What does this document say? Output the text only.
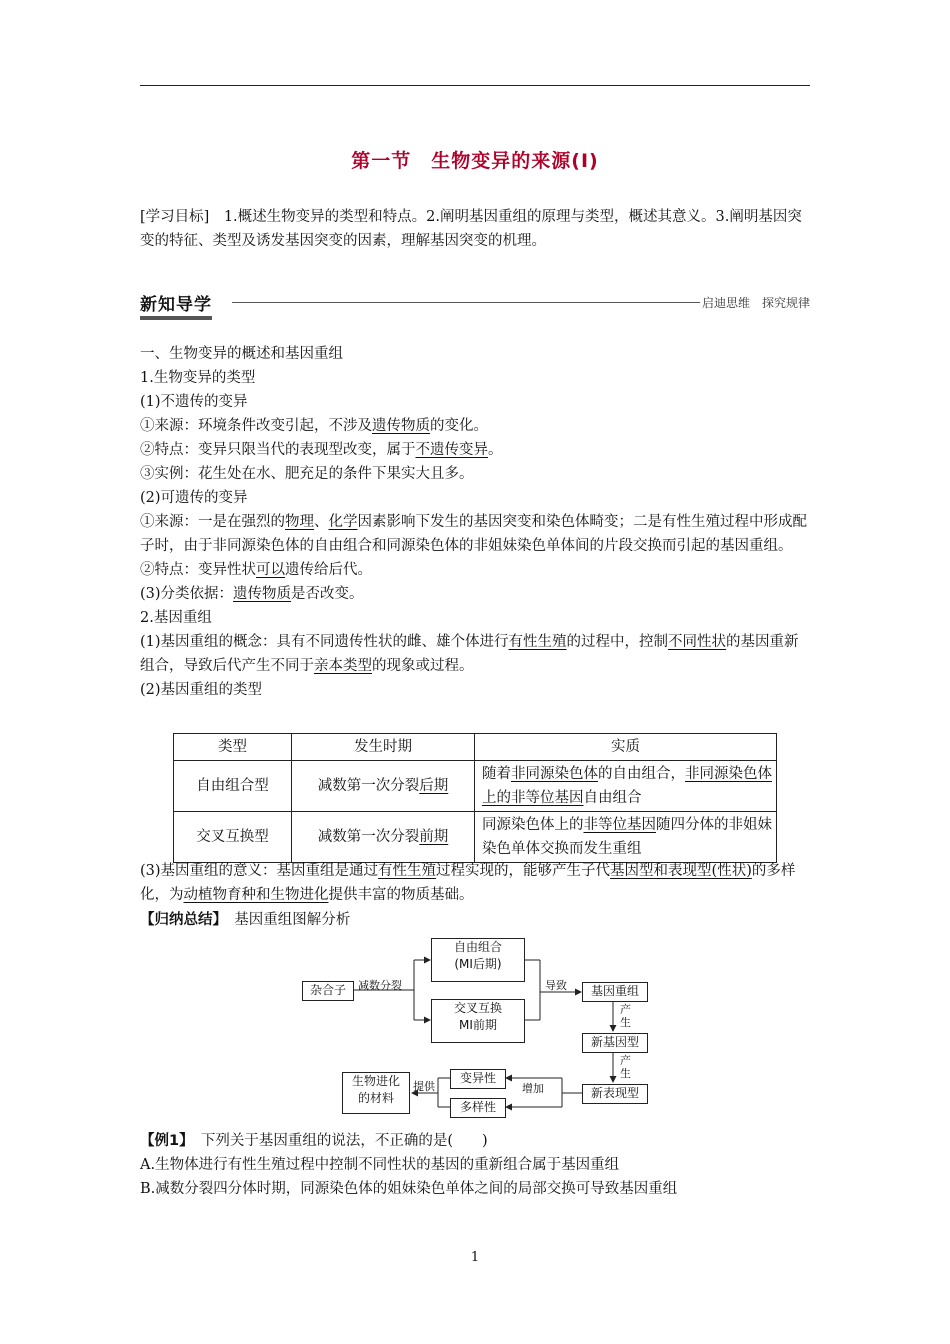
第一节　生物变异的来源(Ⅰ)
[学习目标]　1.概述生物变异的类型和特点。2.阐明基因重组的原理与类型，概述其意义。3.阐明基因突变的特征、类型及诱发基因突变的因素，理解基因突变的机理。
新知导学	启迪思维　探究规律
一、生物变异的概述和基因重组
1.生物变异的类型
(1)不遗传的变异
①来源：环境条件改变引起，不涉及遗传物质的变化。
②特点：变异只限当代的表现型改变，属于不遗传变异。
③实例：花生处在水、肥充足的条件下果实大且多。
(2)可遗传的变异
①来源：一是在强烈的物理、化学因素影响下发生的基因突变和染色体畸变；二是有性生殖过程中形成配子时，由于非同源染色体的自由组合和同源染色体的非姐妹染色单体间的片段交换而引起的基因重组。
②特点：变异性状可以遗传给后代。
(3)分类依据：遗传物质是否改变。
2.基因重组
(1)基因重组的概念：具有不同遗传性状的雌、雄个体进行有性生殖的过程中，控制不同性状的基因重新组合，导致后代产生不同于亲本类型的现象或过程。
(2)基因重组的类型
类型	发生时期	实质
自由组合型	减数第一次分裂后期	随着非同源染色体的自由组合，非同源染色体上的非等位基因自由组合
交叉互换型	减数第一次分裂前期	同源染色体上的非等位基因随四分体的非姐妹染色单体交换而发生重组
(3)基因重组的意义：基因重组是通过有性生殖过程实现的，能够产生子代基因型和表现型(性状)的多样化，为动植物育种和生物进化提供丰富的物质基础。
【归纳总结】　基因重组图解分析
杂合子	减数分裂
自由组合
(MⅠ后期)
交叉互换
MⅠ前期
导致	基因重组
产生
新基因型
产生
新表现型
增加
变异性
多样性
提供
生物进化
的材料
【例1】　下列关于基因重组的说法，不正确的是(　　)
A.生物体进行有性生殖过程中控制不同性状的基因的重新组合属于基因重组
B.减数分裂四分体时期，同源染色体的姐妹染色单体之间的局部交换可导致基因重组
1
